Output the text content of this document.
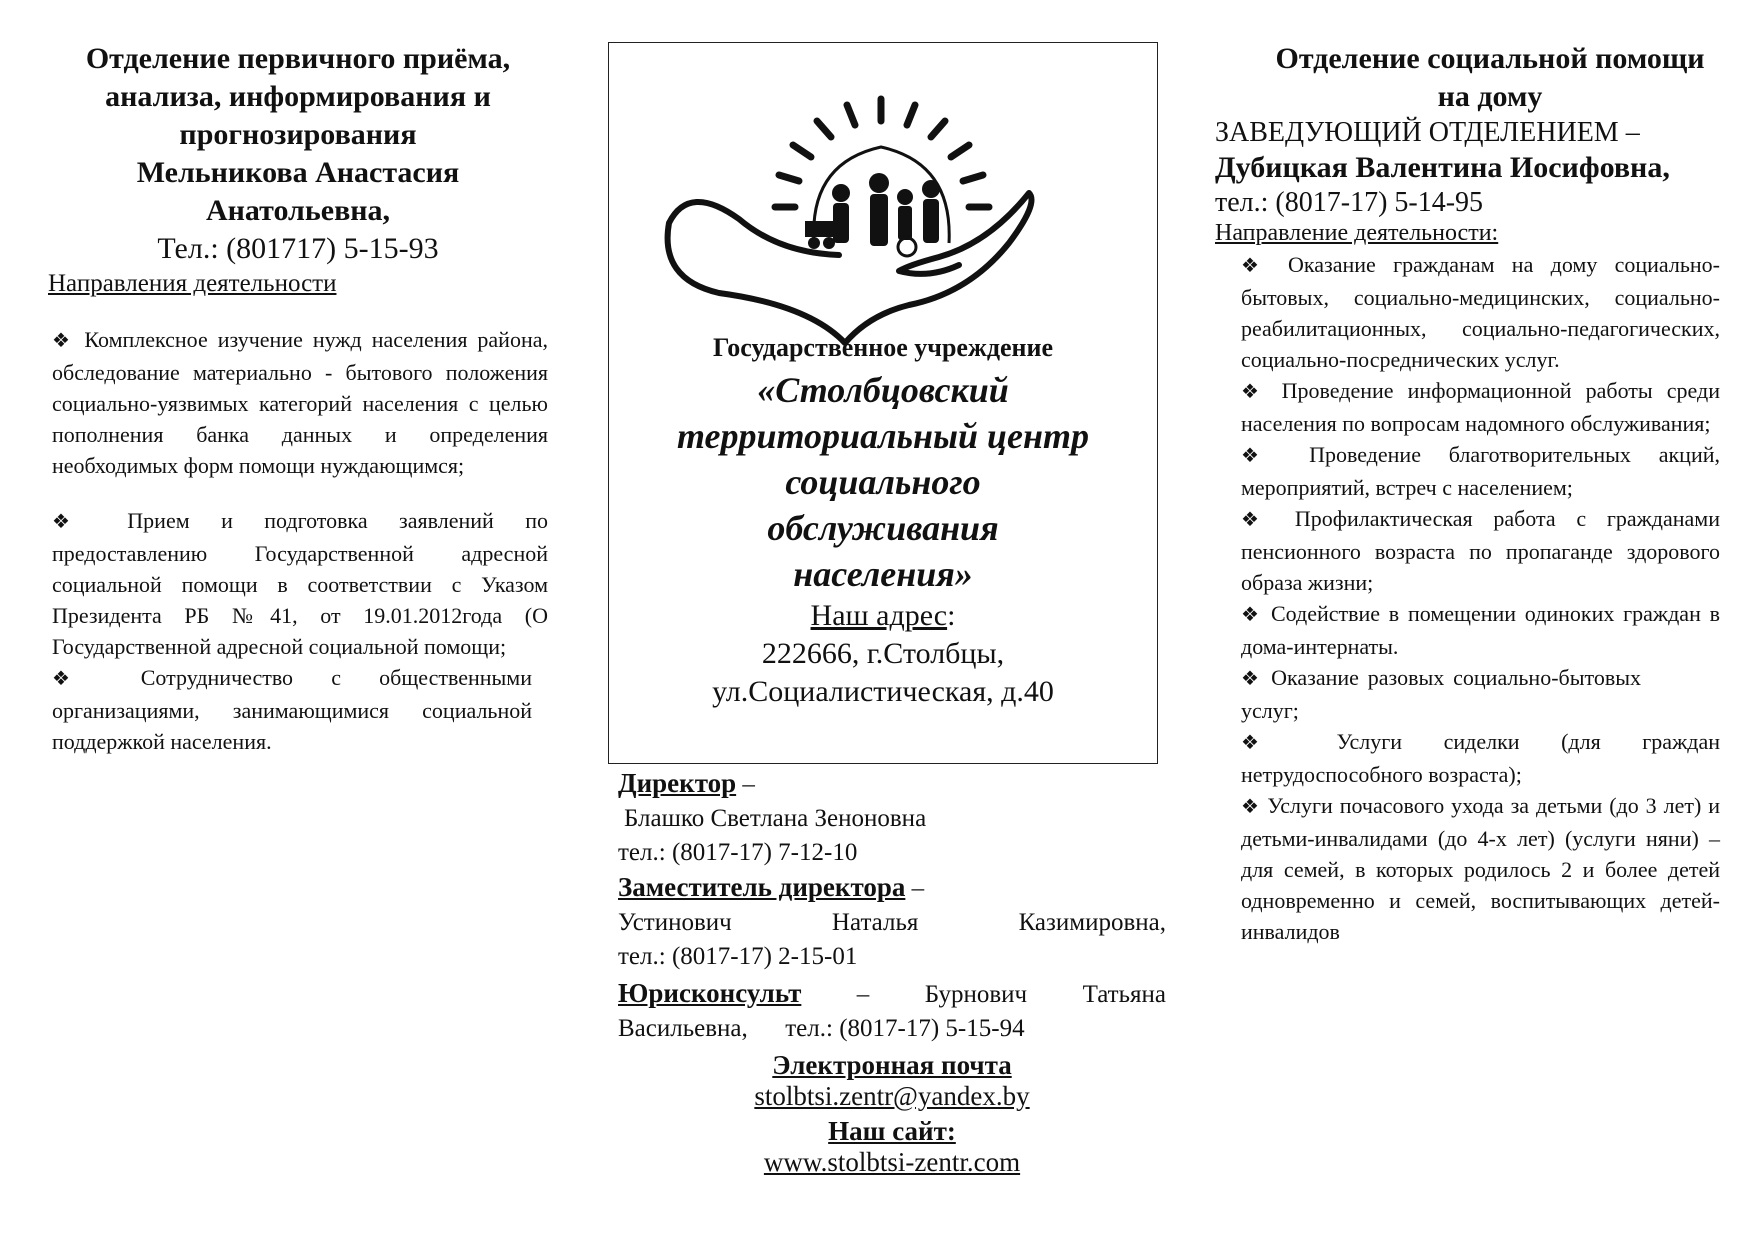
Отделение первичного приёма, анализа, информирования и прогнозирования
Мельникова Анастасия
Анатольевна,
Тел.: (801717) 5-15-93
Направления деятельности
❖ Комплексное изучение нужд населения района, обследование материально - бытового положения социально-уязвимых категорий населения с целью пополнения банка данных и определения необходимых форм помощи нуждающимся;
❖ Прием и подготовка заявлений по предоставлению Государственной адресной социальной помощи в соответствии с Указом Президента РБ №41, от 19.01.2012года (О Государственной адресной социальной помощи;
❖ Сотрудничество с общественными организациями, занимающимися социальной поддержкой населения.
Государственное учреждение
«Столбцовский
территориальный центр
социального
обслуживания
населения»
Наш адрес:
222666, г.Столбцы,
ул.Социалистическая, д.40
Директор –
Блашко Светлана Зеноновна
тел.: (8017-17) 7-12-10
Заместитель директора –
Устинович Наталья Казимировна,
тел.: (8017-17) 2-15-01
Юрисконсульт – Бурнович Татьяна
Васильевна,      тел.: (8017-17) 5-15-94
Электронная почта
stolbtsi.zentr@yandex.by
Наш сайт:
www.stolbtsi-zentr.com
Отделение социальной помощи на дому
ЗАВЕДУЮЩИЙ ОТДЕЛЕНИЕМ –
Дубицкая Валентина Иосифовна,
тел.: (8017-17) 5-14-95
Направление деятельности:
❖ Оказание гражданам на дому социально-бытовых, социально-медицинских, социально-реабилитационных, социально-педагогических, социально-посреднических услуг.
❖ Проведение информационной работы среди населения по вопросам надомного обслуживания;
❖ Проведение благотворительных акций, мероприятий, встреч с населением;
❖ Профилактическая работа с гражданами пенсионного возраста по пропаганде здорового образа жизни;
❖ Содействие в помещении одиноких граждан в дома-интернаты.
❖ Оказание разовых социально-бытовых услуг;
❖ Услуги сиделки (для граждан нетрудоспособного возраста);
❖ Услуги почасового ухода за детьми (до 3 лет) и детьми-инвалидами (до 4-х лет) (услуги няни) – для семей, в которых родилось 2 и более детей одновременно и семей, воспитывающих детей-инвалидов
